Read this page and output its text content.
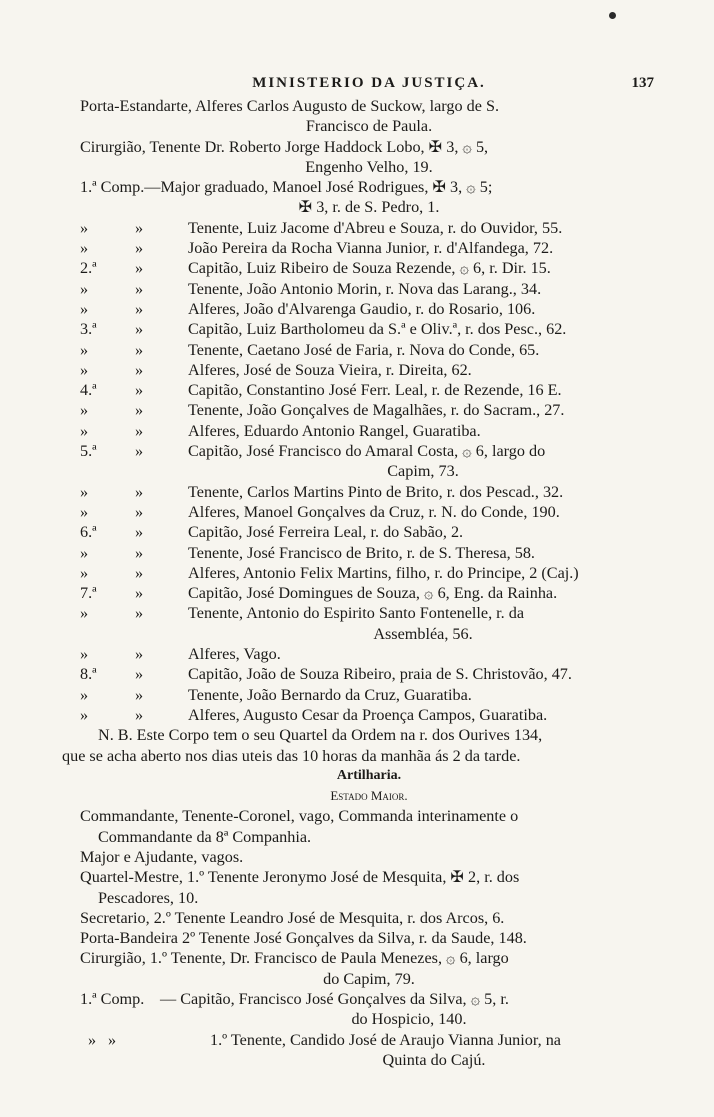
MINISTERIO DA JUSTIÇA.	137
Porta-Estandarte, Alferes Carlos Augusto de Suckow, largo de S.
Francisco de Paula.
Cirurgião, Tenente Dr. Roberto Jorge Haddock Lobo, ✠ 3, ۞ 5,
Engenho Velho, 19.
1.ª Comp.—Major graduado, Manoel José Rodrigues, ✠ 3, ۞ 5;
✠ 3, r. de S. Pedro, 1.
»	»	Tenente, Luiz Jacome d'Abreu e Souza, r. do Ouvidor, 55.
»	»	João Pereira da Rocha Vianna Junior, r. d'Alfandega, 72.
2.ª	»	Capitão, Luiz Ribeiro de Souza Rezende, ۞ 6, r. Dir. 15.
»	»	Tenente, João Antonio Morin, r. Nova das Larang., 34.
»	»	Alferes, João d'Alvarenga Gaudio, r. do Rosario, 106.
3.ª	»	Capitão, Luiz Bartholomeu da S.ª e Oliv.ª, r. dos Pesc., 62.
»	»	Tenente, Caetano José de Faria, r. Nova do Conde, 65.
»	»	Alferes, José de Souza Vieira, r. Direita, 62.
4.ª	»	Capitão, Constantino José Ferr. Leal, r. de Rezende, 16 E.
»	»	Tenente, João Gonçalves de Magalhães, r. do Sacram., 27.
»	»	Alferes, Eduardo Antonio Rangel, Guaratiba.
5.ª	»	Capitão, José Francisco do Amaral Costa, ۞ 6, largo do
Capim, 73.
»	»	Tenente, Carlos Martins Pinto de Brito, r. dos Pescad., 32.
»	»	Alferes, Manoel Gonçalves da Cruz, r. N. do Conde, 190.
6.ª	»	Capitão, José Ferreira Leal, r. do Sabão, 2.
»	»	Tenente, José Francisco de Brito, r. de S. Theresa, 58.
»	»	Alferes, Antonio Felix Martins, filho, r. do Principe, 2 (Caj.)
7.ª	»	Capitão, José Domingues de Souza, ۞ 6, Eng. da Rainha.
»	»	Tenente, Antonio do Espirito Santo Fontenelle, r. da
Assembléa, 56.
»	»	Alferes, Vago.
8.ª	»	Capitão, João de Souza Ribeiro, praia de S. Christovão, 47.
»	»	Tenente, João Bernardo da Cruz, Guaratiba.
»	»	Alferes, Augusto Cesar da Proença Campos, Guaratiba.
N. B. Este Corpo tem o seu Quartel da Ordem na r. dos Ourives 134,
que se acha aberto nos dias uteis das 10 horas da manhãa ás 2 da tarde.
Artilharia.
Estado Maior.
Commandante, Tenente-Coronel, vago, Commanda interinamente o
Commandante da 8ª Companhia.
Major e Ajudante, vagos.
Quartel-Mestre, 1.º Tenente Jeronymo José de Mesquita, ✠ 2, r. dos
Pescadores, 10.
Secretario, 2.º Tenente Leandro José de Mesquita, r. dos Arcos, 6.
Porta-Bandeira 2º Tenente José Gonçalves da Silva, r. da Saude, 148.
Cirurgião, 1.º Tenente, Dr. Francisco de Paula Menezes, ۞ 6, largo
do Capim, 79.
1.ª Comp. — Capitão, Francisco José Gonçalves da Silva, ۞ 5, r.
do Hospicio, 140.
» »	1.º Tenente, Candido José de Araujo Vianna Junior, na
Quinta do Cajú.
